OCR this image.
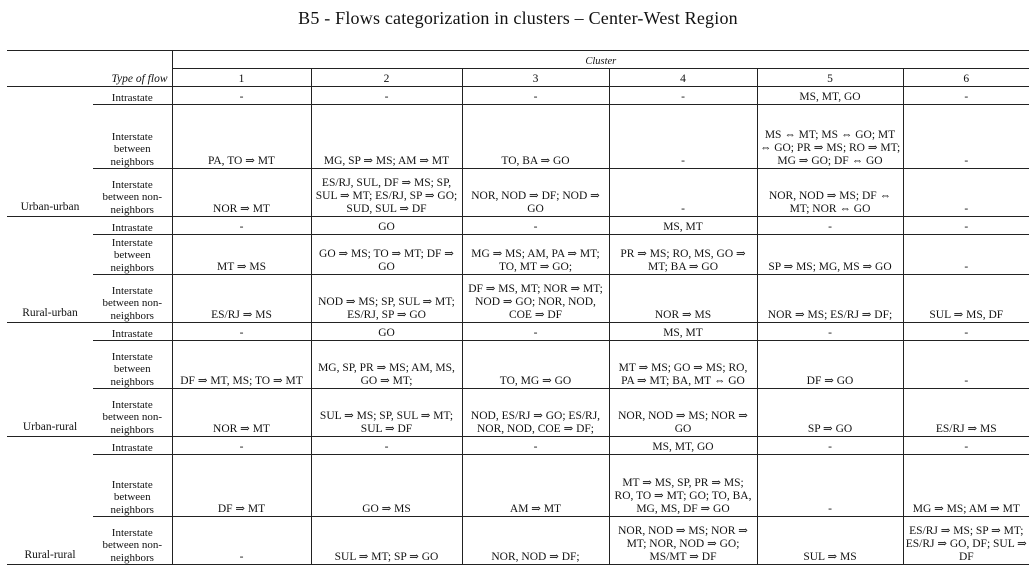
B5 - Flows categorization in clusters – Center-West Region
		Cluster					
Type of flow		1	2	3	4	5	6
Urban-urban	Intrastate	-	-	-	-	MS, MT, GO	-
	Interstate between neighbors	PA, TO ⇒ MT	MG, SP ⇒ MS; AM ⇒ MT	TO, BA ⇒ GO	-	MS ⇔ MT; MS ⇔ GO; MT ⇔ GO; PR ⇒ MS; RO ⇒ MT; MG ⇒ GO; DF ⇔ GO	-
	Interstate between non-neighbors	NOR ⇒ MT	ES/RJ, SUL, DF ⇒ MS; SP, SUL ⇒ MT; ES/RJ, SP ⇒ GO; SUD, SUL ⇒ DF	NOR, NOD ⇒ DF; NOD ⇒ GO	-	NOR, NOD ⇒ MS; DF ⇔ MT; NOR ⇔ GO	-
Rural-urban	Intrastate	-	GO	-	MS, MT	-	-
	Interstate between neighbors	MT ⇒ MS	GO ⇒ MS; TO ⇒ MT; DF ⇒ GO	MG ⇒ MS; AM, PA ⇒ MT; TO, MT ⇒ GO;	PR ⇒ MS; RO, MS, GO ⇒ MT; BA ⇒ GO	SP ⇒ MS; MG, MS ⇒ GO	-
	Interstate between non-neighbors	ES/RJ ⇒ MS	NOD ⇒ MS; SP, SUL ⇒ MT; ES/RJ, SP ⇒ GO	DF ⇒ MS, MT; NOR ⇒ MT; NOD ⇒ GO; NOR, NOD, COE ⇒ DF	NOR ⇒ MS	NOR ⇒ MS; ES/RJ ⇒ DF;	SUL ⇒ MS, DF
Urban-rural	Intrastate	-	GO	-	MS, MT	-	-
	Interstate between neighbors	DF ⇒ MT, MS; TO ⇒ MT	MG, SP, PR ⇒ MS; AM, MS, GO ⇒ MT;	TO, MG ⇒ GO	MT ⇒ MS; GO ⇒ MS; RO, PA ⇒ MT; BA, MT ⇔ GO	DF ⇒ GO	-
	Interstate between non-neighbors	NOR ⇒ MT	SUL ⇒ MS; SP, SUL ⇒ MT; SUL ⇒ DF	NOD, ES/RJ ⇒ GO; ES/RJ, NOR, NOD, COE ⇒ DF;	NOR, NOD ⇒ MS; NOR ⇒ GO	SP ⇒ GO	ES/RJ ⇒ MS
Rural-rural	Intrastate	-	-	-	MS, MT, GO	-	-
	Interstate between neighbors	DF ⇒ MT	GO ⇒ MS	AM ⇒ MT	MT ⇒ MS, SP, PR ⇒ MS; RO, TO ⇒ MT; GO; TO, BA, MG, MS, DF ⇒ GO	-	MG ⇒ MS; AM ⇒ MT
	Interstate between non-neighbors	-	SUL ⇒ MT; SP ⇒ GO	NOR, NOD ⇒ DF;	NOR, NOD ⇒ MS; NOR ⇒ MT; NOR, NOD ⇒ GO; MS/MT ⇒ DF	SUL ⇒ MS	ES/RJ ⇒ MS; SP ⇒ MT; ES/RJ ⇒ GO, DF; SUL ⇒ DF
